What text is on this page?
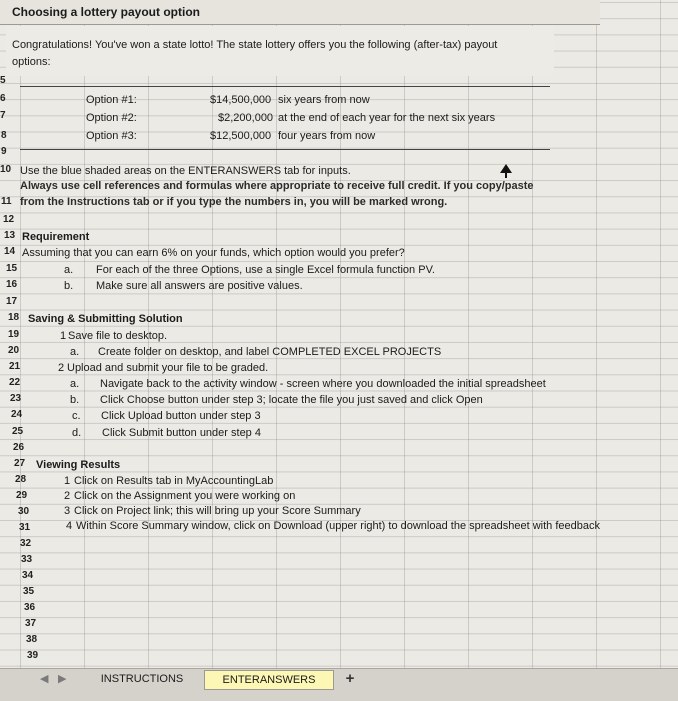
Choosing a lottery payout option
Congratulations! You've won a state lotto! The state lottery offers you the following (after-tax) payout
options:
5
6
7
8
9
10
11
12
13
14
15
16
17
18
19
20
21
22
23
24
25
26
27
28
29
30
31
32
33
34
35
36
37
38
39
Option #1:	$14,500,000 six years from now
Option #2:	$2,200,000 at the end of each year for the next six years
Option #3:	$12,500,000 four years from now
Use the blue shaded areas on the ENTERANSWERS tab for inputs.
Always use cell references and formulas where appropriate to receive full credit. If you copy/paste
from the Instructions tab or if you type the numbers in, you will be marked wrong.
Requirement
Assuming that you can earn 6% on your funds, which option would you prefer?
a. For each of the three Options, use a single Excel formula function PV.
b. Make sure all answers are positive values.
Saving & Submitting Solution
1 Save file to desktop.
a. Create folder on desktop, and label COMPLETED EXCEL PROJECTS
2 Upload and submit your file to be graded.
a. Navigate back to the activity window - screen where you downloaded the initial spreadsheet
b. Click Choose button under step 3; locate the file you just saved and click Open
c. Click Upload button under step 3
d. Click Submit button under step 4
Viewing Results
1 Click on Results tab in MyAccountingLab
2 Click on the Assignment you were working on
3 Click on Project link; this will bring up your Score Summary
4 Within Score Summary window, click on Download (upper right) to download the spreadsheet with feedback
◀ ▶	INSTRUCTIONS	ENTERANSWERS	+
